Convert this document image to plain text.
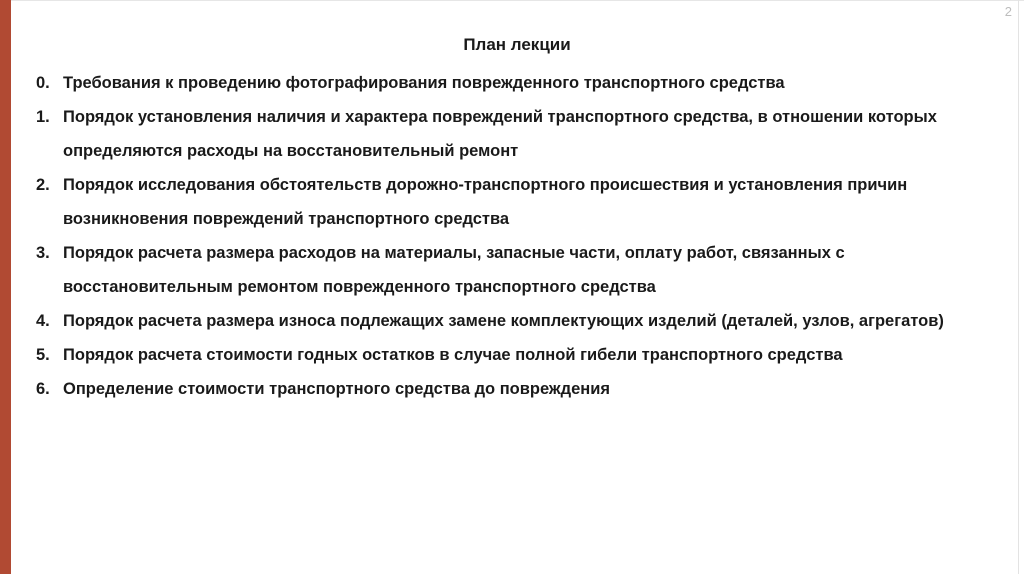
2
План лекции
0. Требования к проведению фотографирования поврежденного транспортного средства
1. Порядок установления наличия и характера повреждений транспортного средства, в отношении которых определяются расходы на восстановительный ремонт
2. Порядок исследования обстоятельств дорожно-транспортного происшествия и установления причин возникновения повреждений транспортного средства
3. Порядок расчета размера расходов на материалы, запасные части, оплату работ, связанных с восстановительным ремонтом поврежденного транспортного средства
4. Порядок расчета размера износа подлежащих замене комплектующих изделий (деталей, узлов, агрегатов)
5. Порядок расчета стоимости годных остатков в случае полной гибели транспортного средства
6. Определение стоимости транспортного средства до повреждения
